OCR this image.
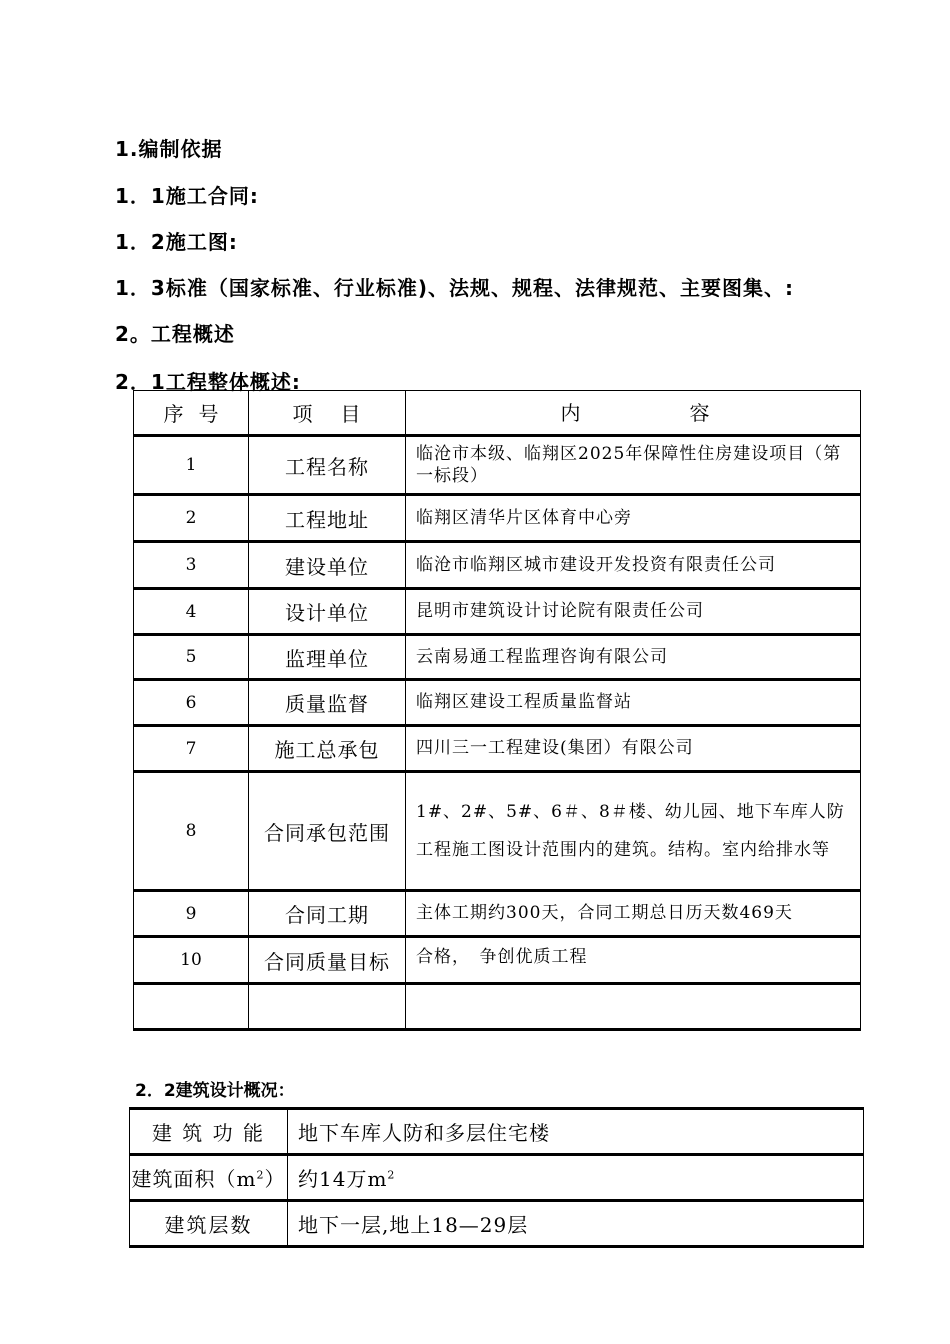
1.编制依据
1．1施工合同:
1．2施工图:
1．3标准（国家标准、行业标准)、法规、规程、法律规范、主要图集、:
2。工程概述
2．1工程整体概述:
序 号	项 目	内 容

1	工程名称	临沧市本级、临翔区2025年保障性住房建设项目（第一标段）
2	工程地址	临翔区清华片区体育中心旁
3	建设单位	临沧市临翔区城市建设开发投资有限责任公司
4	设计单位	昆明市建筑设计讨论院有限责任公司
5	监理单位	云南易通工程监理咨询有限公司
6	质量监督	临翔区建设工程质量监督站
7	施工总承包	四川三一工程建设(集团）有限公司
8	合同承包范围	1#、2#、5#、6＃、8＃楼、幼儿园、地下车库人防工程施工图设计范围内的建筑。结构。室内给排水等
9	合同工期	主体工期约300天，合同工期总日历天数469天
10	合同质量目标	合格，　争创优质工程

2．2建筑设计概况：
建 筑 功 能	地下车库人防和多层住宅楼
建筑面积$(m^2)$	约14万$m^2$
建筑层数	地下一层,地上18—29层
